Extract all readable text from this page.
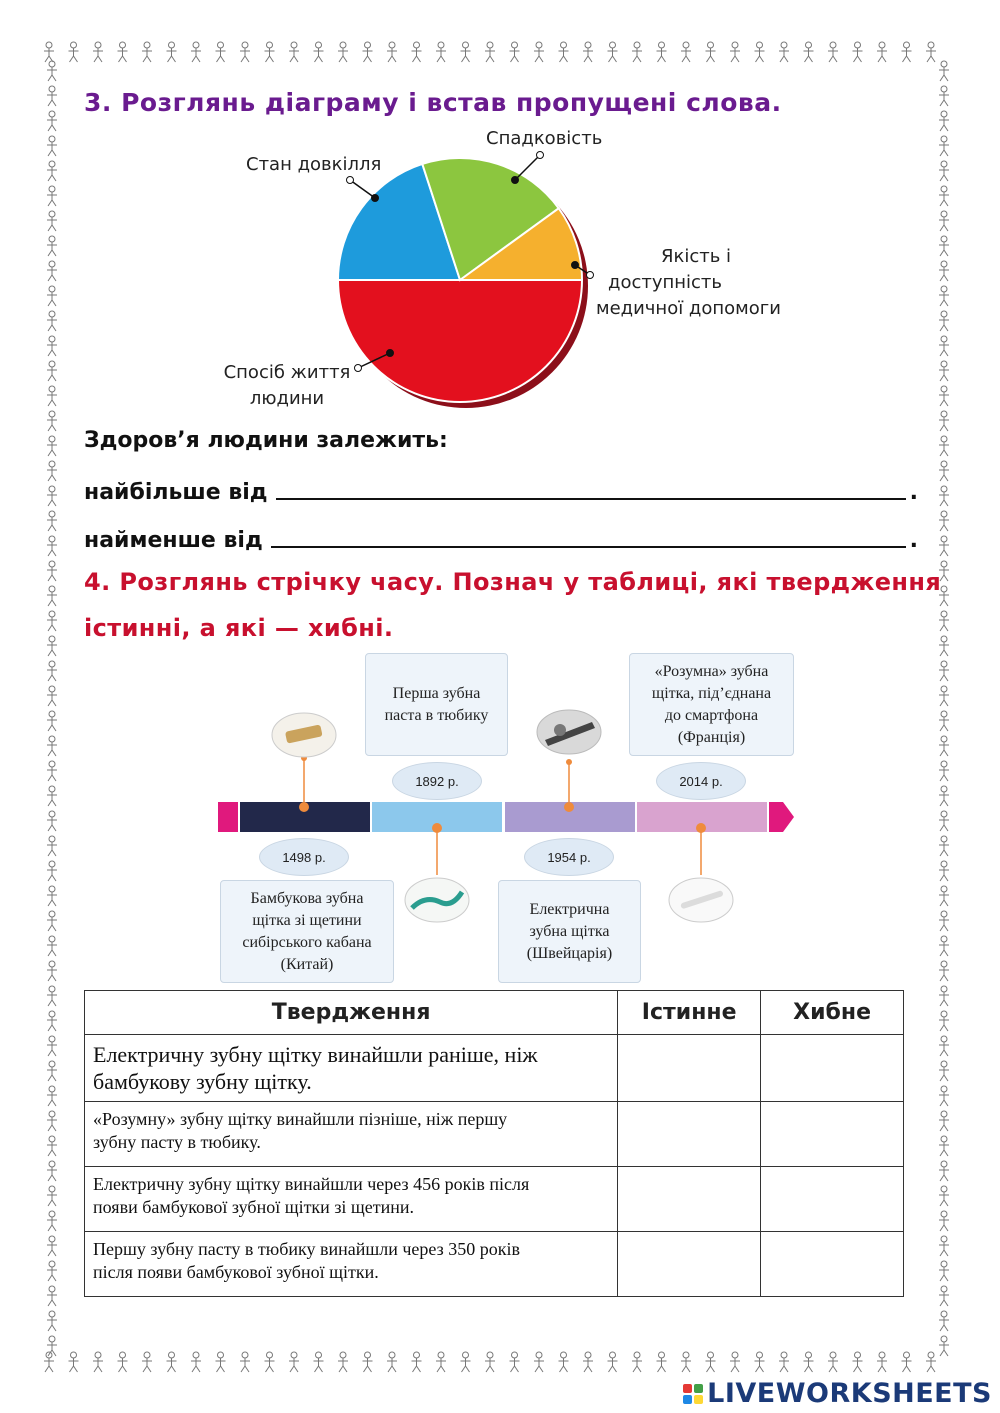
3. Розглянь діаграму і встав пропущені слова.
Спадковість
Стан довкілля
Якість і
доступність
медичної допомоги
Спосіб життя
людини
Здоров’я людини залежить:
найбільше від	.
найменше від	.
4. Розглянь стрічку часу. Познач у таблиці, які твердження
істинні, а які — хибні.
Перша зубна
паста в тюбику
«Розумна» зубна
щітка, під’єднана
до смартфона
(Франція)
Бамбукова зубна
щітка зі щетини
сибірського кабана
(Китай)
Електрична
зубна щітка
(Швейцарія)
1892 р.	2014 р.
1498 р.	1954 р.
Твердження	Істинне	Хибне

Електричну зубну щітку винайшли раніше, ніж
бамбукову зубну щітку.		

«Розумну» зубну щітку винайшли пізніше, ніж першу
зубну пасту в тюбику.		

Електричну зубну щітку винайшли через 456 років після
появи бамбукової зубної щітки зі щетини.		

Першу зубну пасту в тюбику винайшли через 350 років
після появи бамбукової зубної щітки.		

LIVEWORKSHEETS
